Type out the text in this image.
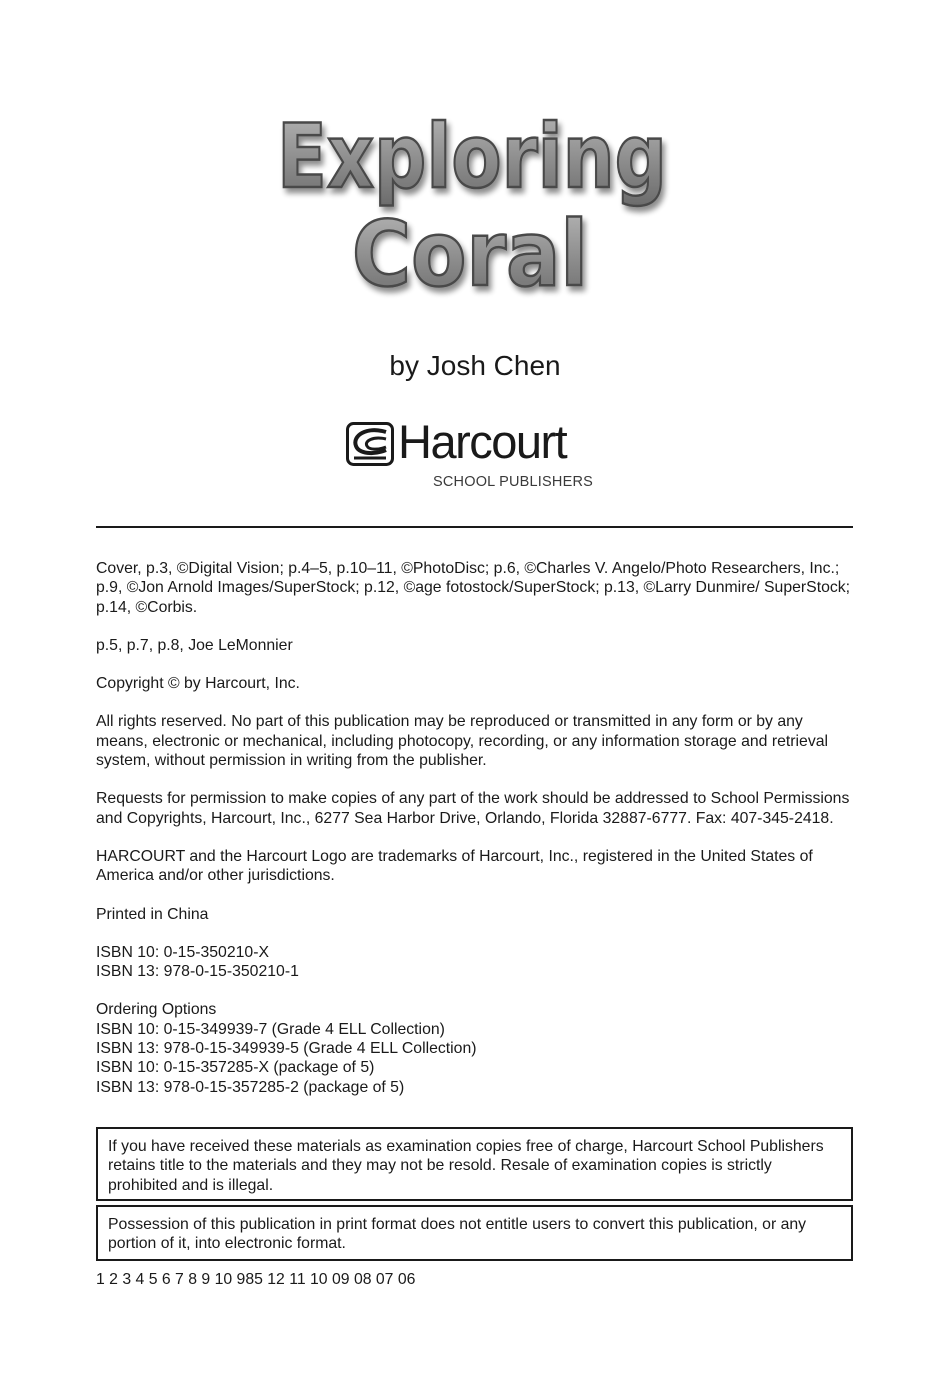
Exploring
Coral
by Josh Chen
Harcourt
SCHOOL PUBLISHERS

Cover, p.3, ©Digital Vision; p.4–5, p.10–11, ©PhotoDisc; p.6, ©Charles V. Angelo/Photo Researchers, Inc.; p.9, ©Jon Arnold Images/SuperStock; p.12, ©age fotostock/SuperStock; p.13, ©Larry Dunmire/ SuperStock; p.14, ©Corbis.

p.5, p.7, p.8, Joe LeMonnier

Copyright © by Harcourt, Inc.

All rights reserved. No part of this publication may be reproduced or transmitted in any form or by any means, electronic or mechanical, including photocopy, recording, or any information storage and retrieval system, without permission in writing from the publisher.

Requests for permission to make copies of any part of the work should be addressed to School Permissions and Copyrights, Harcourt, Inc., 6277 Sea Harbor Drive, Orlando, Florida 32887-6777. Fax: 407-345-2418.

HARCOURT and the Harcourt Logo are trademarks of Harcourt, Inc., registered in the United States of America and/or other jurisdictions.

Printed in China

ISBN 10: 0-15-350210-X

ISBN 13: 978-0-15-350210-1

Ordering Options

ISBN 10: 0-15-349939-7 (Grade 4 ELL Collection)

ISBN 13: 978-0-15-349939-5 (Grade 4 ELL Collection)

ISBN 10: 0-15-357285-X (package of 5)

ISBN 13: 978-0-15-357285-2 (package of 5)

If you have received these materials as examination copies free of charge, Harcourt School Publishers retains title to the materials and they may not be resold. Resale of examination copies is strictly prohibited and is illegal.
Possession of this publication in print format does not entitle users to convert this publication, or any portion of it, into electronic format.
1 2 3 4 5 6 7 8 9 10 985 12 11 10 09 08 07 06
